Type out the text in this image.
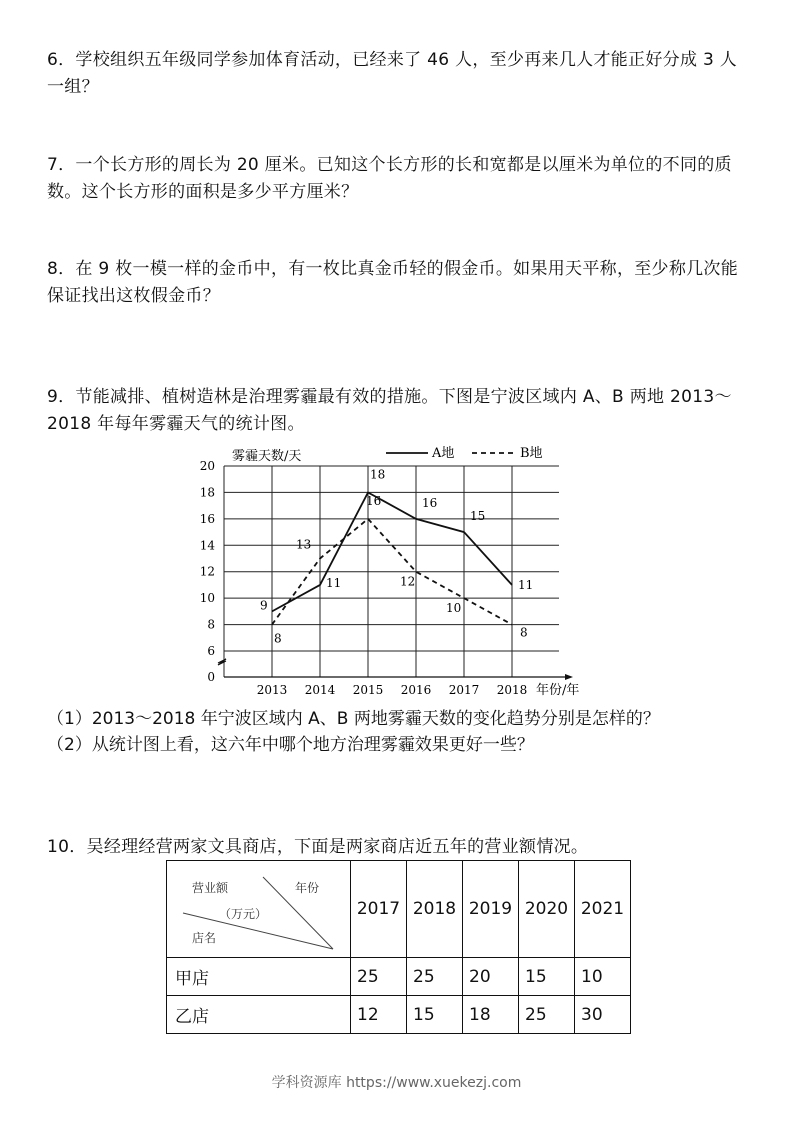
6．学校组织五年级同学参加体育活动，已经来了 46 人，至少再来几人才能正好分成 3 人一组？
7．一个长方形的周长为 20 厘米。已知这个长方形的长和宽都是以厘米为单位的不同的质数。这个长方形的面积是多少平方厘米？
8．在 9 枚一模一样的金币中，有一枚比真金币轻的假金币。如果用天平称，至少称几次能保证找出这枚假金币？
9．节能减排、植树造林是治理雾霾最有效的措施。下图是宁波区域内 A、B 两地 2013～2018 年每年雾霾天气的统计图。
0
6
8
10
12
14
16
18
20
2013 2014 2015 2016 2017 2018
9
11
18
16
15
11
8
13
16
12
10
8
A地	B地
雾霾天数/天
年份/年
（1）2013～2018 年宁波区域内 A、B 两地雾霾天数的变化趋势分别是怎样的？
（2）从统计图上看，这六年中哪个地方治理雾霾效果更好一些？
10．吴经理经营两家文具商店，下面是两家商店近五年的营业额情况。
营业额 年份
（万元）
店名	2017	2018	2019	2020	2021
甲店	25	25	20	15	10
乙店	12	15	18	25	30
学科资源库 https://www.xuekezj.com
